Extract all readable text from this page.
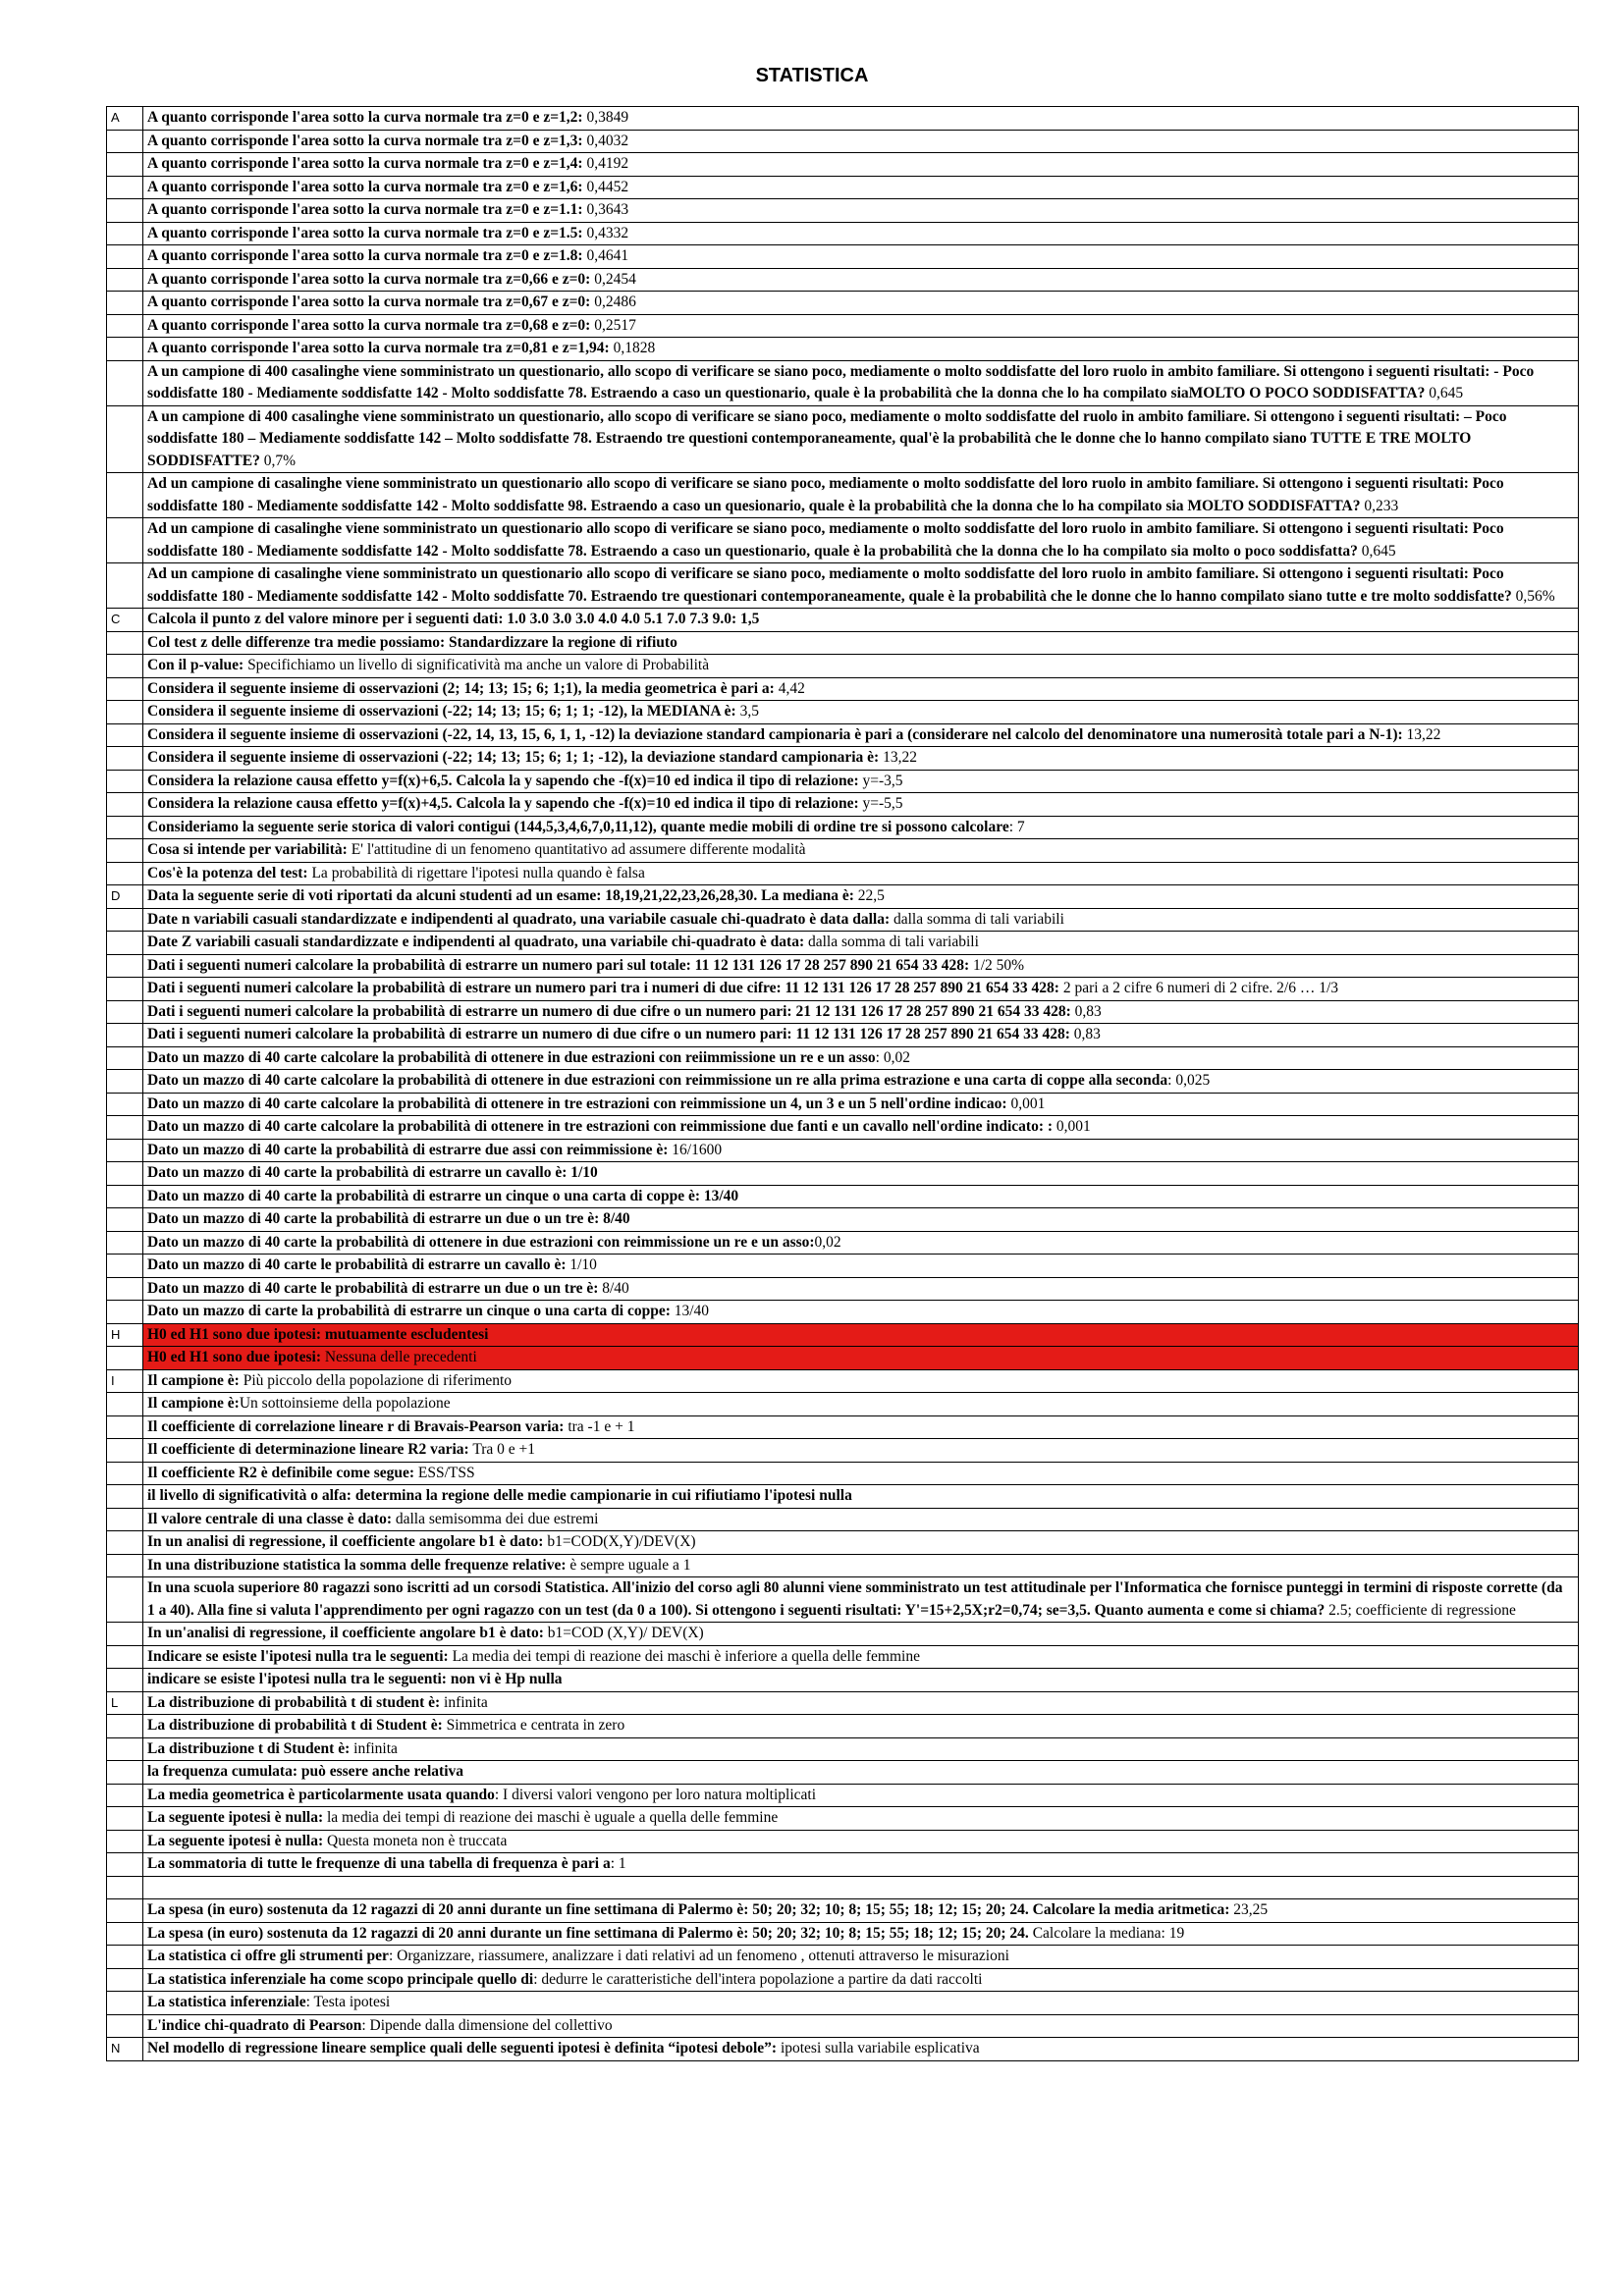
STATISTICA
A	A quanto corrisponde l'area sotto la curva normale tra z=0 e z=1,2: 0,3849
	A quanto corrisponde l'area sotto la curva normale tra z=0 e z=1,3: 0,4032
	A quanto corrisponde l'area sotto la curva normale tra z=0 e z=1,4: 0,4192
	A quanto corrisponde l'area sotto la curva normale tra z=0 e z=1,6: 0,4452
	A quanto corrisponde l'area sotto la curva normale tra z=0 e z=1.1: 0,3643
	A quanto corrisponde l'area sotto la curva normale tra z=0 e z=1.5: 0,4332
	A quanto corrisponde l'area sotto la curva normale tra z=0 e z=1.8: 0,4641
	A quanto corrisponde l'area sotto la curva normale tra z=0,66 e z=0: 0,2454
	A quanto corrisponde l'area sotto la curva normale tra z=0,67 e z=0: 0,2486
	A quanto corrisponde l'area sotto la curva normale tra z=0,68 e z=0: 0,2517
	A quanto corrisponde l'area sotto la curva normale tra z=0,81 e z=1,94: 0,1828
	A un campione di 400 casalinghe viene somministrato un questionario, allo scopo di verificare se siano poco, mediamente o molto soddisfatte del loro ruolo in ambito familiare. Si ottengono i seguenti risultati: - Poco soddisfatte 180 - Mediamente soddisfatte 142 - Molto soddisfatte 78. Estraendo a caso un questionario, quale è la probabilità che la donna che lo ha compilato siaMOLTO O POCO SODDISFATTA? 0,645
	A un campione di 400 casalinghe viene somministrato un questionario, allo scopo di verificare se siano poco, mediamente o molto soddisfatte del ruolo in ambito familiare. Si ottengono i seguenti risultati: – Poco soddisfatte 180 – Mediamente soddisfatte 142 – Molto soddisfatte 78. Estraendo tre questioni contemporaneamente, qual'è la probabilità che le donne che lo hanno compilato siano TUTTE E TRE MOLTO SODDISFATTE? 0,7%
	Ad un campione di casalinghe viene somministrato un questionario allo scopo di verificare se siano poco, mediamente o molto soddisfatte del loro ruolo in ambito familiare. Si ottengono i seguenti risultati: Poco soddisfatte 180 - Mediamente soddisfatte 142 - Molto soddisfatte 98. Estraendo a caso un quesionario, quale è la probabilità che la donna che lo ha compilato sia MOLTO SODDISFATTA? 0,233
	Ad un campione di casalinghe viene somministrato un questionario allo scopo di verificare se siano poco, mediamente o molto soddisfatte del loro ruolo in ambito familiare. Si ottengono i seguenti risultati: Poco soddisfatte 180 - Mediamente soddisfatte 142 - Molto soddisfatte 78. Estraendo a caso un questionario, quale è la probabilità che la donna che lo ha compilato sia molto o poco soddisfatta? 0,645
	Ad un campione di casalinghe viene somministrato un questionario allo scopo di verificare se siano poco, mediamente o molto soddisfatte del loro ruolo in ambito familiare. Si ottengono i seguenti risultati: Poco soddisfatte 180 - Mediamente soddisfatte 142 - Molto soddisfatte 70. Estraendo tre questionari contemporaneamente, quale è la probabilità che le donne che lo hanno compilato siano tutte e tre molto soddisfatte? 0,56%
C	Calcola il punto z del valore minore per i seguenti dati: 1.0 3.0 3.0 3.0 4.0 4.0 5.1 7.0 7.3 9.0: 1,5
	Col test z delle differenze tra medie possiamo: Standardizzare la regione di rifiuto
	Con il p-value: Specifichiamo un livello di significatività ma anche un valore di Probabilità
	Considera il seguente insieme di osservazioni (2; 14; 13; 15; 6; 1;1), la media geometrica è pari a: 4,42
	Considera il seguente insieme di osservazioni (-22; 14; 13; 15; 6; 1; 1; -12), la MEDIANA è: 3,5
	Considera il seguente insieme di osservazioni (-22, 14, 13, 15, 6, 1, 1, -12) la deviazione standard campionaria è pari a (considerare nel calcolo del denominatore una numerosità totale pari a N-1): 13,22
	Considera il seguente insieme di osservazioni (-22; 14; 13; 15; 6; 1; 1; -12), la deviazione standard campionaria è: 13,22
	Considera la relazione causa effetto y=f(x)+6,5. Calcola la y sapendo che -f(x)=10 ed indica il tipo di relazione: y=-3,5
	Considera la relazione causa effetto y=f(x)+4,5. Calcola la y sapendo che -f(x)=10 ed indica il tipo di relazione: y=-5,5
	Consideriamo la seguente serie storica di valori contigui (144,5,3,4,6,7,0,11,12), quante medie mobili di ordine tre si possono calcolare: 7
	Cosa si intende per variabilità: E' l'attitudine di un fenomeno quantitativo ad assumere differente modalità
	Cos'è la potenza del test: La probabilità di rigettare l'ipotesi nulla quando è falsa
D	Data la seguente serie di voti riportati da alcuni studenti ad un esame: 18,19,21,22,23,26,28,30. La mediana è: 22,5
	Date n variabili casuali standardizzate e indipendenti al quadrato, una variabile casuale chi-quadrato è data dalla: dalla somma di tali variabili
	Date Z variabili casuali standardizzate e indipendenti al quadrato, una variabile chi-quadrato è data: dalla somma di tali variabili
	Dati i seguenti numeri calcolare la probabilità di estrarre un numero pari sul totale: 11 12 131 126 17 28 257 890 21 654 33 428: 1/2 50%
	Dati i seguenti numeri calcolare la probabilità di estrare un numero pari tra i numeri di due cifre: 11 12 131 126 17 28 257 890 21 654 33 428: 2 pari a 2 cifre 6 numeri di 2 cifre. 2/6 … 1/3
	Dati i seguenti numeri calcolare la probabilità di estrarre un numero di due cifre o un numero pari: 21 12 131 126 17 28 257 890 21 654 33 428: 0,83
	Dati i seguenti numeri calcolare la probabilità di estrarre un numero di due cifre o un numero pari: 11 12 131 126 17 28 257 890 21 654 33 428: 0,83
	Dato un mazzo di 40 carte calcolare la probabilità di ottenere in due estrazioni con reiimmissione un re e un asso: 0,02
	Dato un mazzo di 40 carte calcolare la probabilità di ottenere in due estrazioni con reimmissione un re alla prima estrazione e una carta di coppe alla seconda: 0,025
	Dato un mazzo di 40 carte calcolare la probabilità di ottenere in tre estrazioni con reimmissione un 4, un 3 e un 5 nell'ordine indicao: 0,001
	Dato un mazzo di 40 carte calcolare la probabilità di ottenere in tre estrazioni con reimmissione due fanti e un cavallo nell'ordine indicato: : 0,001
	Dato un mazzo di 40 carte la probabilità di estrarre due assi con reimmissione è: 16/1600
	Dato un mazzo di 40 carte la probabilità di estrarre un cavallo è: 1/10
	Dato un mazzo di 40 carte la probabilità di estrarre un cinque o una carta di coppe è: 13/40
	Dato un mazzo di 40 carte la probabilità di estrarre un due o un tre è: 8/40
	Dato un mazzo di 40 carte la probabilità di ottenere in due estrazioni con reimmissione un re e un asso:0,02
	Dato un mazzo di 40 carte le probabilità di estrarre un cavallo è: 1/10
	Dato un mazzo di 40 carte le probabilità di estrarre un due o un tre è: 8/40
	Dato un mazzo di carte la probabilità di estrarre un cinque o una carta di coppe: 13/40
H	H0 ed H1 sono due ipotesi: mutuamente escludentesi
	H0 ed H1 sono due ipotesi: Nessuna delle precedenti
I	Il campione è: Più piccolo della popolazione di riferimento
	Il campione è:Un sottoinsieme della popolazione
	Il coefficiente di correlazione lineare r di Bravais-Pearson varia: tra -1 e + 1
	Il coefficiente di determinazione lineare R2 varia: Tra 0 e +1
	Il coefficiente R2 è definibile come segue: ESS/TSS
	il livello di significatività o alfa: determina la regione delle medie campionarie in cui rifiutiamo l'ipotesi nulla
	Il valore centrale di una classe è dato: dalla semisomma dei due estremi
	In un analisi di regressione, il coefficiente angolare b1 è dato: b1=COD(X,Y)/DEV(X)
	In una distribuzione statistica la somma delle frequenze relative: è sempre uguale a 1
	In una scuola superiore 80 ragazzi sono iscritti ad un corsodi Statistica. All'inizio del corso agli 80 alunni viene somministrato un test attitudinale per l'Informatica che fornisce punteggi in termini di risposte corrette (da 1 a 40). Alla fine si valuta l'apprendimento per ogni ragazzo con un test (da 0 a 100). Si ottengono i seguenti risultati: Y'=15+2,5X;r2=0,74; se=3,5. Quanto aumenta e come si chiama? 2.5; coefficiente di regressione
	In un'analisi di regressione, il coefficiente angolare b1 è dato: b1=COD (X,Y)/ DEV(X)
	Indicare se esiste l'ipotesi nulla tra le seguenti: La media dei tempi di reazione dei maschi è inferiore a quella delle femmine
	indicare se esiste l'ipotesi nulla tra le seguenti: non vi è Hp nulla
L	La distribuzione di probabilità t di student è: infinita
	La distribuzione di probabilità t di Student è: Simmetrica e centrata in zero
	La distribuzione t di Student è: infinita
	la frequenza cumulata: può essere anche relativa
	La media geometrica è particolarmente usata quando: I diversi valori vengono per loro natura moltiplicati
	La seguente ipotesi è nulla: la media dei tempi di reazione dei maschi è uguale a quella delle femmine
	La seguente ipotesi è nulla: Questa moneta non è truccata
	La sommatoria di tutte le frequenze di una tabella di frequenza è pari a: 1

	La spesa (in euro) sostenuta da 12 ragazzi di 20 anni durante un fine settimana di Palermo è: 50; 20; 32; 10; 8; 15; 55; 18; 12; 15; 20; 24. Calcolare la media aritmetica: 23,25
	La spesa (in euro) sostenuta da 12 ragazzi di 20 anni durante un fine settimana di Palermo è: 50; 20; 32; 10; 8; 15; 55; 18; 12; 15; 20; 24. Calcolare la mediana: 19
	La statistica ci offre gli strumenti per: Organizzare, riassumere, analizzare i dati relativi ad un fenomeno , ottenuti attraverso le misurazioni
	La statistica inferenziale ha come scopo principale quello di: dedurre le caratteristiche dell'intera popolazione a partire da dati raccolti
	La statistica inferenziale: Testa ipotesi
	L'indice chi-quadrato di Pearson: Dipende dalla dimensione del collettivo
N	Nel modello di regressione lineare semplice quali delle seguenti ipotesi è definita “ipotesi debole”: ipotesi sulla variabile esplicativa
